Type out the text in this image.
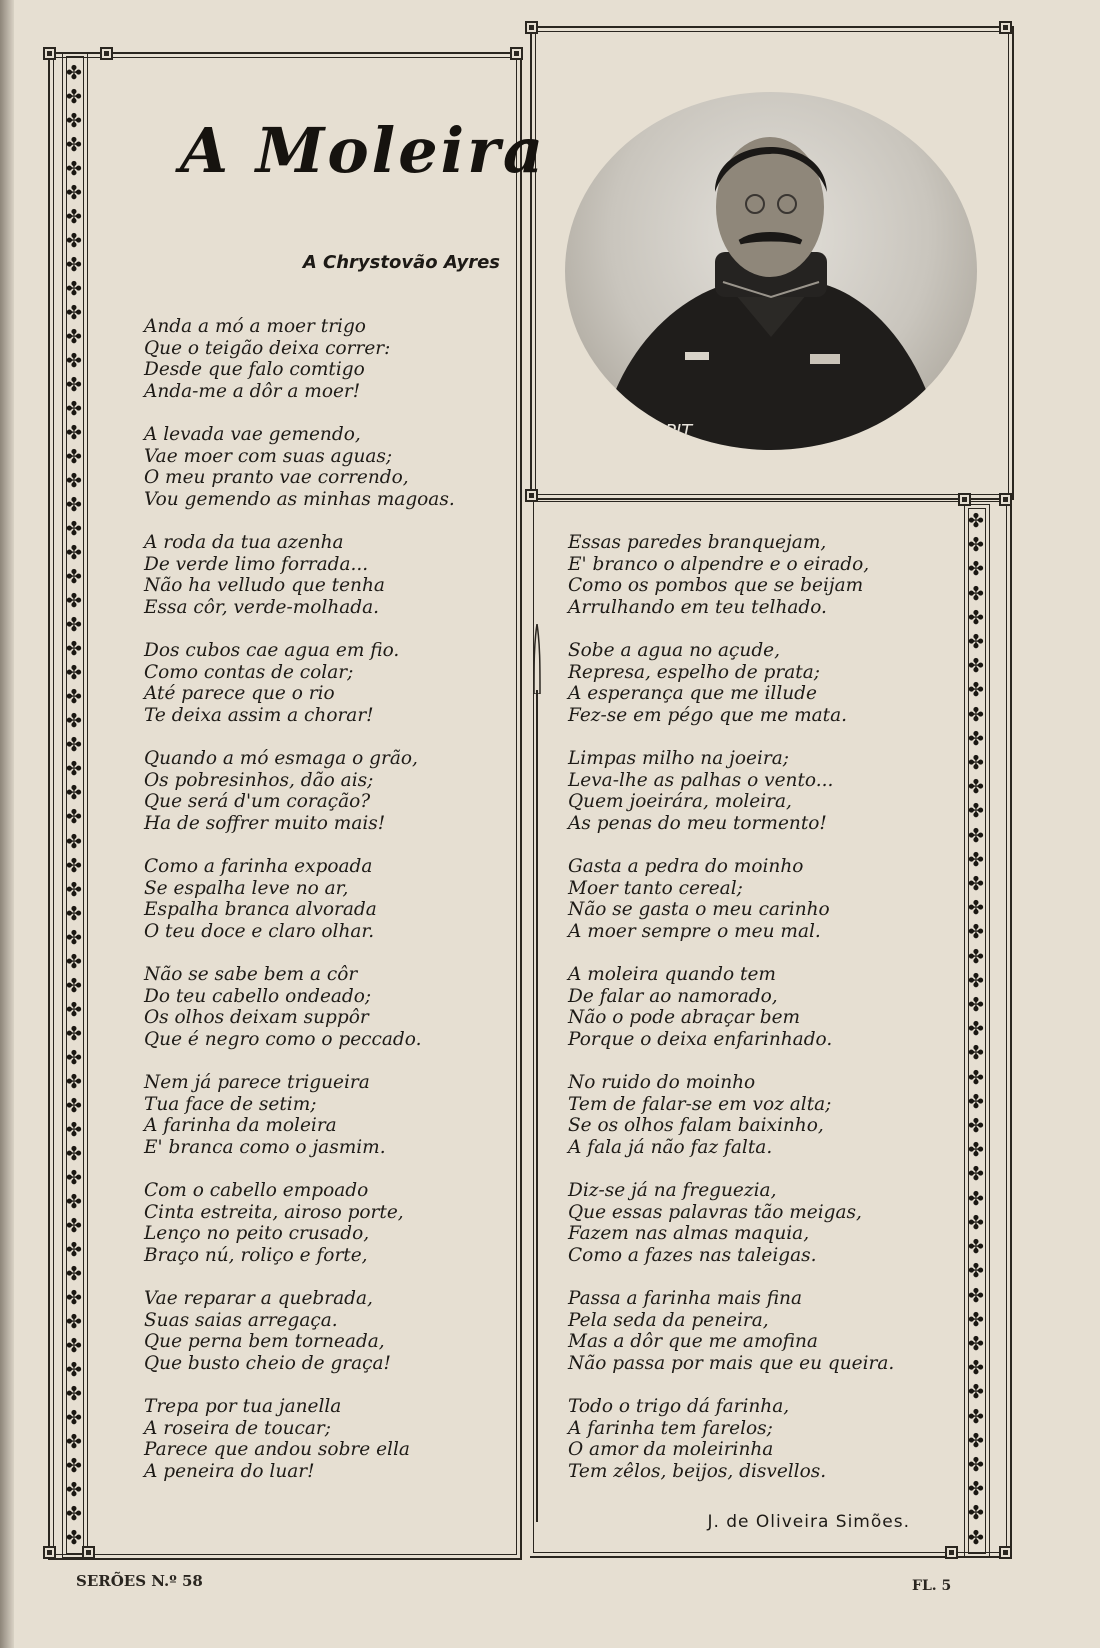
✤
✤
✤
✤
✤
✤
✤
✤
✤
✤
✤
✤
✤
✤
✤
✤
✤
✤
✤
✤
✤
✤
✤
✤
✤
✤
✤
✤
✤
✤
✤
✤
✤
✤
✤
✤
✤
✤
✤
✤
✤
✤
✤
✤
✤
✤
✤
✤
✤
✤
✤
✤
✤
✤
✤
✤
✤
✤
✤
✤
✤
✤
✤
✤
✤
✤
✤
✤
✤
✤
✤
✤
✤
✤
✤
✤
✤
✤
✤
✤
✤
✤
✤
✤
✤
✤
✤
✤
✤
✤
✤
✤
✤
✤
✤
✤
✤
✤
✤
✤
✤
✤
✤
✤
✤
A Moleira
A Chrystovão Ayres
PIT

Anda a mó a moer trigo
Que o teigão deixa correr:
Desde que falo comtigo
Anda-me a dôr a moer!

A levada vae gemendo,
Vae moer com suas aguas;
O meu pranto vae correndo,
Vou gemendo as minhas magoas.

A roda da tua azenha
De verde limo forrada...
Não ha velludo que tenha
Essa côr, verde-molhada.

Dos cubos cae agua em fio.
Como contas de colar;
Até parece que o rio
Te deixa assim a chorar!

Quando a mó esmaga o grão,
Os pobresinhos, dão ais;
Que será d'um coração?
Ha de soffrer muito mais!

Como a farinha expoada
Se espalha leve no ar,
Espalha branca alvorada
O teu doce e claro olhar.

Não se sabe bem a côr
Do teu cabello ondeado;
Os olhos deixam suppôr
Que é negro como o peccado.

Nem já parece trigueira
Tua face de setim;
A farinha da moleira
E' branca como o jasmim.

Com o cabello empoado
Cinta estreita, airoso porte,
Lenço no peito crusado,
Braço nú, roliço e forte,

Vae reparar a quebrada,
Suas saias arregaça.
Que perna bem torneada,
Que busto cheio de graça!

Trepa por tua janella
A roseira de toucar;
Parece que andou sobre ella
A peneira do luar!

Essas paredes branquejam,
E' branco o alpendre e o eirado,
Como os pombos que se beijam
Arrulhando em teu telhado.

Sobe a agua no açude,
Represa, espelho de prata;
A esperança que me illude
Fez-se em pégo que me mata.

Limpas milho na joeira;
Leva-lhe as palhas o vento...
Quem joeirára, moleira,
As penas do meu tormento!

Gasta a pedra do moinho
Moer tanto cereal;
Não se gasta o meu carinho
A moer sempre o meu mal.

A moleira quando tem
De falar ao namorado,
Não o pode abraçar bem
Porque o deixa enfarinhado.

No ruido do moinho
Tem de falar-se em voz alta;
Se os olhos falam baixinho,
A fala já não faz falta.

Diz-se já na freguezia,
Que essas palavras tão meigas,
Fazem nas almas maquia,
Como a fazes nas taleigas.

Passa a farinha mais fina
Pela seda da peneira,
Mas a dôr que me amofina
Não passa por mais que eu queira.

Todo o trigo dá farinha,
A farinha tem farelos;
O amor da moleirinha
Tem zêlos, beijos, disvellos.

J. de Oliveira Simões.
SERÕES N.º 58	FL. 5
